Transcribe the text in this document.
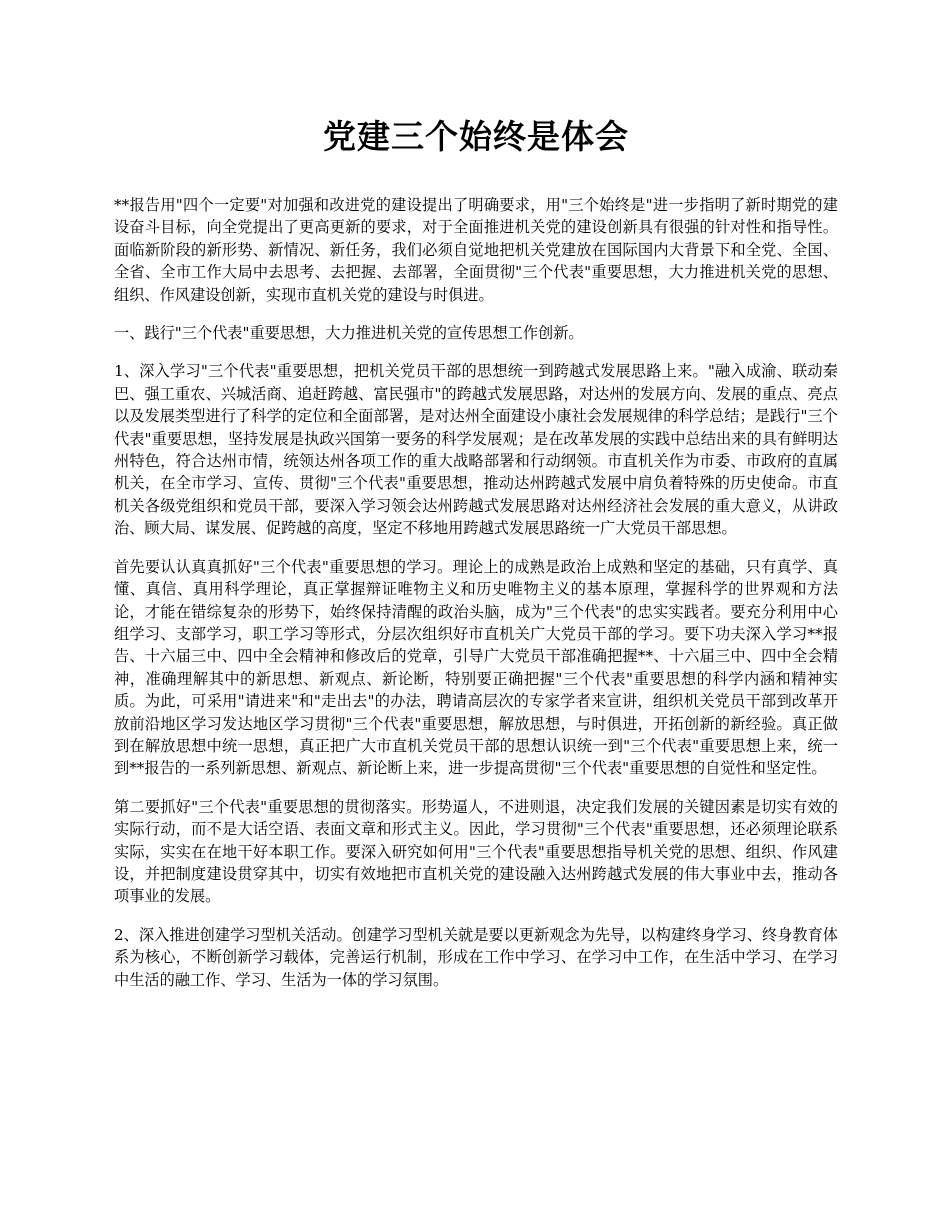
党建三个始终是体会

**报告用"四个一定要"对加强和改进党的建设提出了明确要求，用"三个始终是"进一步指明了新时期党的建设奋斗目标，向全党提出了更高更新的要求，对于全面推进机关党的建设创新具有很强的针对性和指导性。面临新阶段的新形势、新情况、新任务，我们必须自觉地把机关党建放在国际国内大背景下和全党、全国、全省、全市工作大局中去思考、去把握、去部署，全面贯彻"三个代表"重要思想，大力推进机关党的思想、组织、作风建设创新，实现市直机关党的建设与时俱进。

一、践行"三个代表"重要思想，大力推进机关党的宣传思想工作创新。

1、深入学习"三个代表"重要思想，把机关党员干部的思想统一到跨越式发展思路上来。"融入成渝、联动秦巴、强工重农、兴城活商、追赶跨越、富民强市"的跨越式发展思路，对达州的发展方向、发展的重点、亮点以及发展类型进行了科学的定位和全面部署，是对达州全面建设小康社会发展规律的科学总结；是践行"三个代表"重要思想，坚持发展是执政兴国第一要务的科学发展观；是在改革发展的实践中总结出来的具有鲜明达州特色，符合达州市情，统领达州各项工作的重大战略部署和行动纲领。市直机关作为市委、市政府的直属机关，在全市学习、宣传、贯彻"三个代表"重要思想，推动达州跨越式发展中肩负着特殊的历史使命。市直机关各级党组织和党员干部，要深入学习领会达州跨越式发展思路对达州经济社会发展的重大意义，从讲政治、顾大局、谋发展、促跨越的高度，坚定不移地用跨越式发展思路统一广大党员干部思想。

首先要认认真真抓好"三个代表"重要思想的学习。理论上的成熟是政治上成熟和坚定的基础，只有真学、真懂、真信、真用科学理论，真正掌握辩证唯物主义和历史唯物主义的基本原理，掌握科学的世界观和方法论，才能在错综复杂的形势下，始终保持清醒的政治头脑，成为"三个代表"的忠实实践者。要充分利用中心组学习、支部学习，职工学习等形式，分层次组织好市直机关广大党员干部的学习。要下功夫深入学习**报告、十六届三中、四中全会精神和修改后的党章，引导广大党员干部准确把握**、十六届三中、四中全会精神，准确理解其中的新思想、新观点、新论断，特别要正确把握"三个代表"重要思想的科学内涵和精神实质。为此，可采用"请进来"和"走出去"的办法，聘请高层次的专家学者来宣讲，组织机关党员干部到改革开放前沿地区学习发达地区学习贯彻"三个代表"重要思想，解放思想，与时俱进，开拓创新的新经验。真正做到在解放思想中统一思想，真正把广大市直机关党员干部的思想认识统一到"三个代表"重要思想上来，统一到**报告的一系列新思想、新观点、新论断上来，进一步提高贯彻"三个代表"重要思想的自觉性和坚定性。

第二要抓好"三个代表"重要思想的贯彻落实。形势逼人，不进则退，决定我们发展的关键因素是切实有效的实际行动，而不是大话空语、表面文章和形式主义。因此，学习贯彻"三个代表"重要思想，还必须理论联系实际，实实在在地干好本职工作。要深入研究如何用"三个代表"重要思想指导机关党的思想、组织、作风建设，并把制度建设贯穿其中，切实有效地把市直机关党的建设融入达州跨越式发展的伟大事业中去，推动各项事业的发展。

2、深入推进创建学习型机关活动。创建学习型机关就是要以更新观念为先导，以构建终身学习、终身教育体系为核心，不断创新学习载体，完善运行机制，形成在工作中学习、在学习中工作，在生活中学习、在学习中生活的融工作、学习、生活为一体的学习氛围。
